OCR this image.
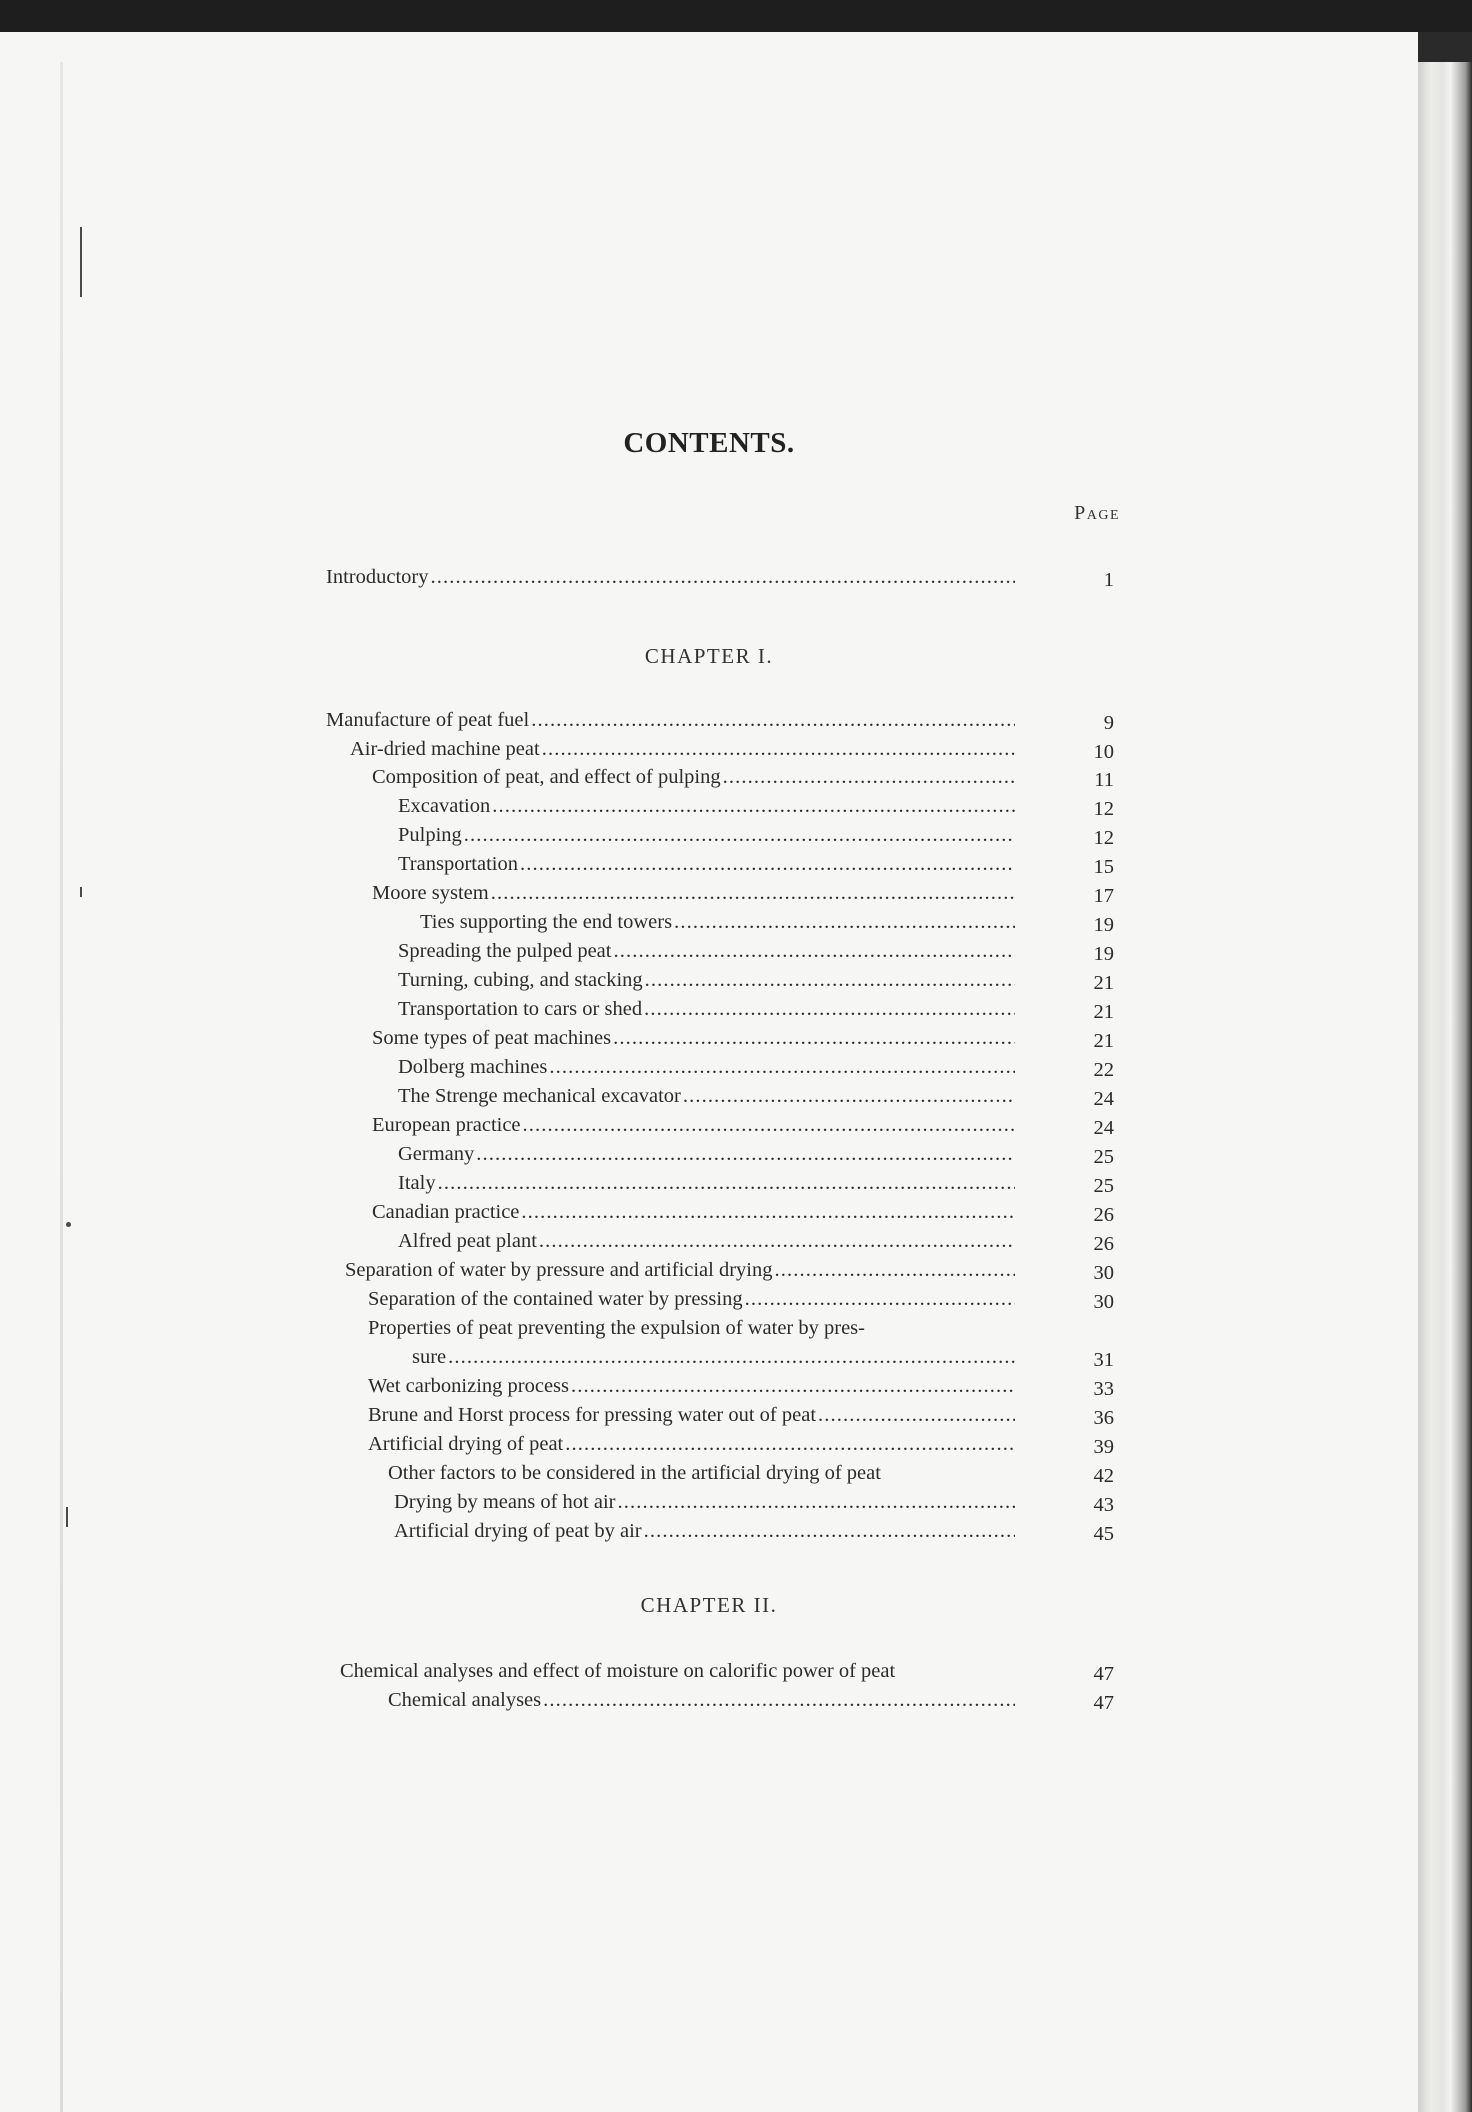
CONTENTS.
Page
Introductory . . .	1
CHAPTER I.
Manufacture of peat fuel . . .	9
Air-dried machine peat . . .	10
Composition of peat, and effect of pulping . . .	11
Excavation . . .	12
Pulping . . .	12
Transportation . . .	15
Moore system . . .	17
Ties supporting the end towers . . .	19
Spreading the pulped peat . . .	19
Turning, cubing, and stacking . . .	21
Transportation to cars or shed . . .	21
Some types of peat machines . . .	21
Dolberg machines . . .	22
The Strenge mechanical excavator . . .	24
European practice . . .	24
Germany . . .	25
Italy . . .	25
Canadian practice . . .	26
Alfred peat plant . . .	26
Separation of water by pressure and artificial drying . . .	30
Separation of the contained water by pressing . . .	30
Properties of peat preventing the expulsion of water by pres-
sure . . .	31
Wet carbonizing process . . .	33
Brune and Horst process for pressing water out of peat . . .	36
Artificial drying of peat . . .	39
Other factors to be considered in the artificial drying of peat	42
Drying by means of hot air . . .	43
Artificial drying of peat by air . . .	45
CHAPTER II.
Chemical analyses and effect of moisture on calorific power of peat	47
Chemical analyses . . .	47
